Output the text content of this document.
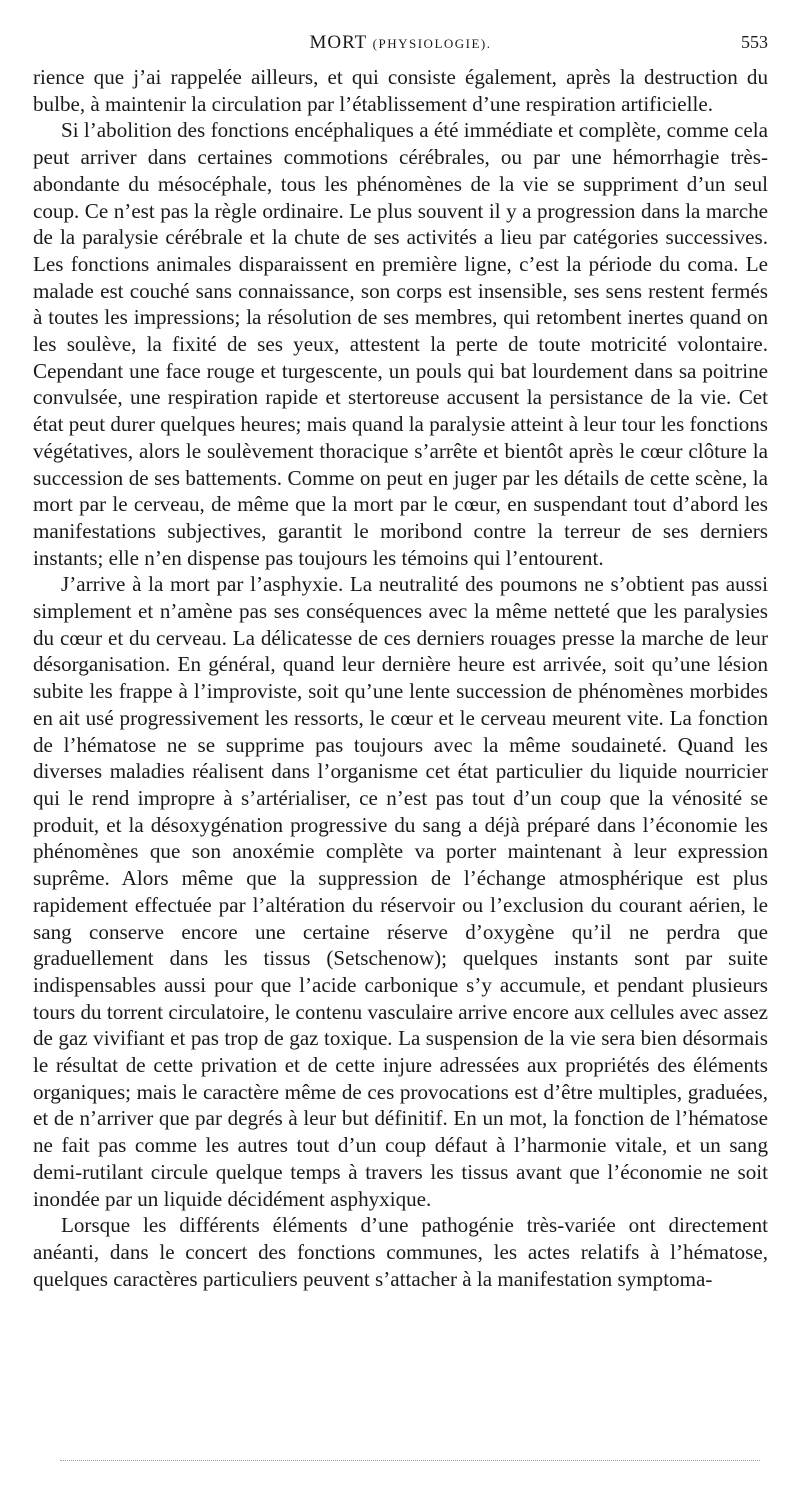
MORT (PHYSIOLOGIE).	553

rience que j’ai rappelée ailleurs, et qui consiste également, après la destruction du bulbe, à maintenir la circulation par l’établissement d’une respiration artificielle.

Si l’abolition des fonctions encéphaliques a été immédiate et complète, comme cela peut arriver dans certaines commotions cérébrales, ou par une hémorrhagie très-abondante du mésocéphale, tous les phénomènes de la vie se suppriment d’un seul coup. Ce n’est pas la règle ordinaire. Le plus souvent il y a progression dans la marche de la paralysie cérébrale et la chute de ses activités a lieu par catégories successives. Les fonctions animales disparaissent en première ligne, c’est la période du coma. Le malade est couché sans connaissance, son corps est insensible, ses sens restent fermés à toutes les impressions; la résolution de ses membres, qui retombent inertes quand on les soulève, la fixité de ses yeux, attestent la perte de toute motricité volontaire. Cependant une face rouge et turgescente, un pouls qui bat lourdement dans sa poitrine convulsée, une respiration rapide et stertoreuse accusent la persistance de la vie. Cet état peut durer quelques heures; mais quand la paralysie atteint à leur tour les fonctions végétatives, alors le soulèvement thoracique s’arrête et bientôt après le cœur clôture la succession de ses battements. Comme on peut en juger par les détails de cette scène, la mort par le cerveau, de même que la mort par le cœur, en suspendant tout d’abord les manifestations subjectives, garantit le moribond contre la terreur de ses derniers instants; elle n’en dispense pas toujours les témoins qui l’entourent.

J’arrive à la mort par l’asphyxie. La neutralité des poumons ne s’obtient pas aussi simplement et n’amène pas ses conséquences avec la même netteté que les paralysies du cœur et du cerveau. La délicatesse de ces derniers rouages presse la marche de leur désorganisation. En général, quand leur dernière heure est arrivée, soit qu’une lésion subite les frappe à l’improviste, soit qu’une lente succession de phénomènes morbides en ait usé progressivement les ressorts, le cœur et le cerveau meurent vite. La fonction de l’hématose ne se supprime pas toujours avec la même soudaineté. Quand les diverses maladies réalisent dans l’organisme cet état particulier du liquide nourricier qui le rend impropre à s’artérialiser, ce n’est pas tout d’un coup que la vénosité se produit, et la désoxygénation progressive du sang a déjà préparé dans l’économie les phénomènes que son anoxémie complète va porter maintenant à leur expression suprême. Alors même que la suppression de l’échange atmosphérique est plus rapidement effectuée par l’altération du réservoir ou l’exclusion du courant aérien, le sang conserve encore une certaine réserve d’oxygène qu’il ne perdra que graduellement dans les tissus (Setschenow); quelques instants sont par suite indispensables aussi pour que l’acide carbonique s’y accumule, et pendant plusieurs tours du torrent circulatoire, le contenu vasculaire arrive encore aux cellules avec assez de gaz vivifiant et pas trop de gaz toxique. La suspension de la vie sera bien désormais le résultat de cette privation et de cette injure adressées aux propriétés des éléments organiques; mais le caractère même de ces provocations est d’être multiples, graduées, et de n’arriver que par degrés à leur but définitif. En un mot, la fonction de l’hématose ne fait pas comme les autres tout d’un coup défaut à l’harmonie vitale, et un sang demi-rutilant circule quelque temps à travers les tissus avant que l’économie ne soit inondée par un liquide décidément asphyxique.

Lorsque les différents éléments d’une pathogénie très-variée ont directement anéanti, dans le concert des fonctions communes, les actes relatifs à l’hématose, quelques caractères particuliers peuvent s’attacher à la manifestation symptoma-
